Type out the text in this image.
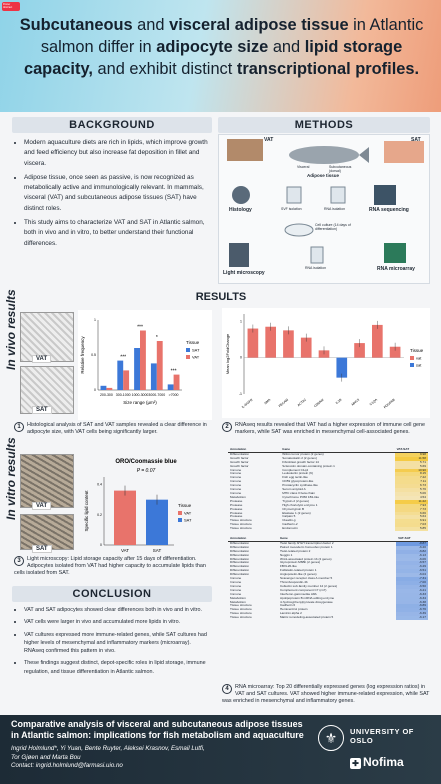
Poster Abstract
Subcutaneous and visceral adipose tissue in Atlantic salmon differ in adipocyte size and lipid storage capacity, and exhibit distinct transcriptional profiles.
BACKGROUND
• Modern aquaculture diets are rich in lipids, which improve growth and feed efficiency but also increase fat deposition in fillet and viscera.
• Adipose tissue, once seen as passive, is now recognized as metabolically active and immunologically relevant. In mammals, visceral (VAT) and subcutaneous adipose tissues (SAT) have distinct roles.
• This study aims to characterize VAT and SAT in Atlantic salmon, both in vivo and in vitro, to better understand their functional differences.
METHODS
VAT	SAT
Visceral	Subcutaneous (dorsal)
Adipose tissue
Histology	SVF isolation	RNA isolation	RNA sequencing
Cell culture (14 days of differentiation)
Light microscopy
RNA isolation	RNA microarray
RESULTS
In vivo results	VAT
SAT
200-300 300-1000 1000-3000 3000-7000 >7000
0
0.5
1
Size range (μm²)
Relative frequency	***
***
*
***
Tissue
SAT
VAT
1	Histological analysis of SAT and VAT samples revealed a clear difference in adipocyte size, with VAT cells being significantly larger.
IL-6/GFR	SMA PECAM ACTA2 CD8/NK	IL1B	MHCII	C1QA PDGFRB
-1
0
1
Mean log2FoldChange	Tissue
vat
sat
2	RNAseq results revealed that VAT had a higher expression of immune cell gene markers, while SAT was enriched in mesenchymal cell-associated genes.
Annotation	Gene	VAT-SAT
Differentiation	Wilms tumor protein (2 genes)	9.98
Growth factor	Somatostatin 2 (2 genes)	11.58
Growth factor	Fibroblast growth factor 14	5.71
Growth factor	Sclerostin domain-containing protein 1	5.69
Immune	Complement C1q4	10.90
Immune	Leukolectin protein (6)	8.15
Immune	Fish egg lectin-like	7.22
Immune	CD59 glycoprotein-like	7.11
Immune	Prostacyclin synthase-like	6.73
Immune	Serum amyloid A	5.76
Immune	MHC class II beta chain	5.06
Metabolism	Cytochrome P450 1B1-like	4.54
Protease	Trypsin-2 (2 genes)	11.22
Protease	High choriolytic enzyme 1	7.93
Protease	Chymotrypsin B	7.73
Protease	Elastase 1 (2 genes)	6.66
Protease	Calpain 5	5.64
Tissue structure	Claudin-g	6.91
Tissue structure	Cadherin-2	7.03
Tissue structure	Endomucin	5.85
Annotation	Gene	VAT-SAT
Differentiation	Twist family bHLH transcription factor 2	-8.87
Differentiation	Paired mesoderm homeobox protein 1	-6.20
Differentiation	Twist-related protein 2	-6.82
Differentiation	Noggin 1	-6.13
Differentiation	Wnt1-associated protein 1b (2 genes)	-6.06
Differentiation	Glycoprotein M6Bb (2 genes)	-6.57
Differentiation	FBXL26-like	-6.29
Differentiation	Follistatin-related protein 1	-6.51
Differentiation	Angiopoietin-like (2 genes)	-6.04
Immune	Scavenger receptor class A member 5	-7.31
Immune	Thrombospondin-4b	-7.00
Immune	Collectin sub-family member 12 (2 genes)	-6.50
Immune	Complement component C7 (cn7)	-6.21
Immune	Interferon-gamma-like A8A	-6.33
Metabolism	Apolipoprotein B mRNA editing enzyme	-6.34
Metabolism	4-hydroxyphenylpyruvate dioxygenase	-6.38
Tissue structure	Cadherin 6	-6.89
Tissue structure	Hemicentin1 protein	-6.76
Tissue structure	Laminin alpha 2	-6.39
Tissue structure	Matrix remodeling-associated protein 5	-6.17
In vitro results	VAT
SAT
ORO/Coomassie blue
P = 0.07
VAT	SAT
0
0.2
0.4
Specific lipid content	Tissue
VAT
SAT
3	Light microscopy: Lipid storage capacity after 15 days of differentiation. Adipocytes isolated from VAT had higher capacity to accumulate lipids than cells isolated from SAT.
CONCLUSION
• VAT and SAT adipocytes showed clear differences both in vivo and in vitro.
• VAT cells were larger in vivo and accumulated more lipids in vitro.
• VAT cultures expressed more immune-related genes, while SAT cultures had higher levels of mesenchymal and inflammatory markers (microarray). RNAseq confirmed this pattern in vivo.
• These findings suggest distinct, depot-specific roles in lipid storage, immune regulation, and tissue differentiation in Atlantic salmon.
4	RNA microarray: Top 20 differentially expressed genes (log expression ratios) in VAT and SAT cultures. VAT showed higher immune-related expression, while SAT was enriched in mesenchymal and inflammatory genes.
Comparative analysis of visceral and subcutaneous adipose tissues in Atlantic salmon: implications for fish metabolism and aquaculture
Ingrid Holmlund*, Yi Yuan, Bente Ruyter, Aleksei Krasnov, Esmail Lutfi,
Tor Gjøen and Marta Bou
Contact: ingrid.holmlund@farmasi.uio.no
⚜	UNIVERSITY OF OSLO
✚ Nofima
